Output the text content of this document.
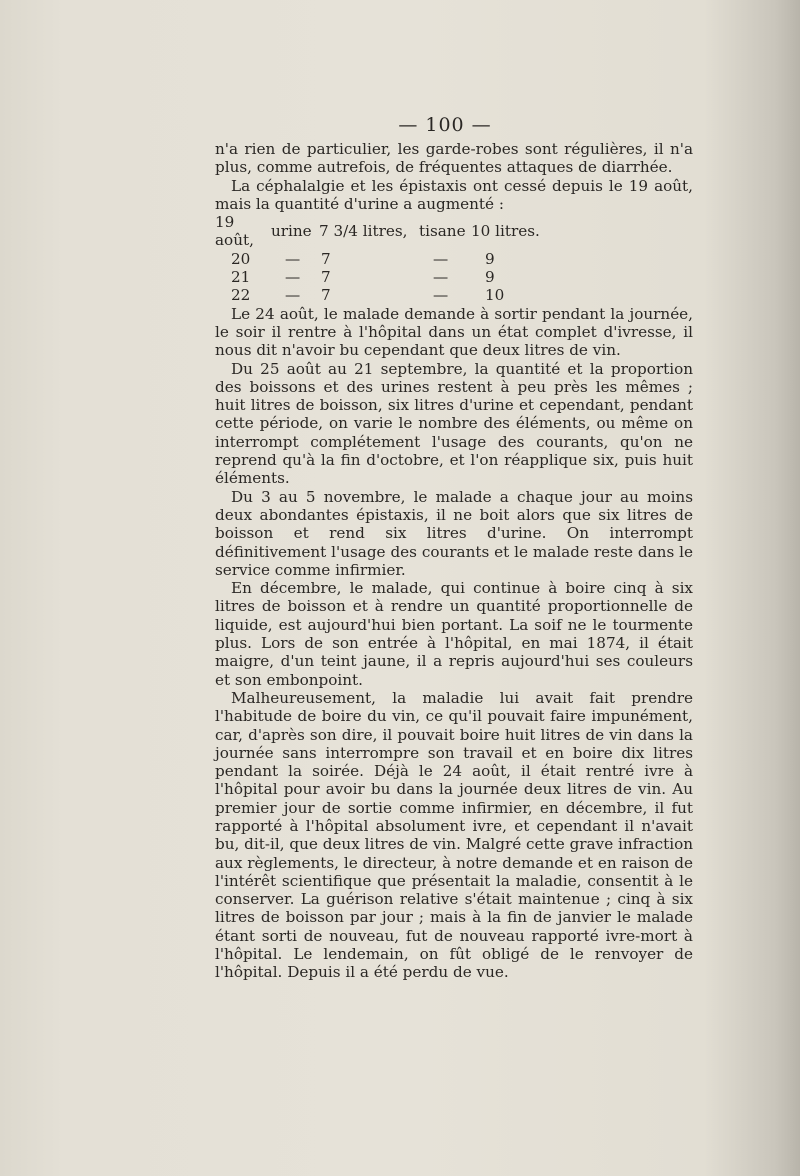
— 100 —

n'a rien de particulier, les garde-robes sont régulières, il n'a plus, comme autrefois, de fréquentes attaques de diarrhée.

La céphalalgie et les épistaxis ont cessé depuis le 19 août, mais la quantité d'urine a augmenté :

19 août,	urine	7 3/4 litres,	tisane	10 litres.
20	—	7	—	9
21	—	7	—	9
22	—	7	—	10

Le 24 août, le malade demande à sortir pendant la journée, le soir il rentre à l'hôpital dans un état complet d'ivresse, il nous dit n'avoir bu cependant que deux litres de vin.

Du 25 août au 21 septembre, la quantité et la proportion des boissons et des urines restent à peu près les mêmes ; huit litres de boisson, six litres d'urine et cependant, pendant cette période, on varie le nombre des éléments, ou même on interrompt complétement l'usage des courants, qu'on ne reprend qu'à la fin d'octobre, et l'on réapplique six, puis huit éléments.

Du 3 au 5 novembre, le malade a chaque jour au moins deux abondantes épistaxis, il ne boit alors que six litres de boisson et rend six litres d'urine. On interrompt définitivement l'usage des courants et le malade reste dans le service comme infirmier.

En décembre, le malade, qui continue à boire cinq à six litres de boisson et à rendre un quantité proportionnelle de liquide, est aujourd'hui bien portant. La soif ne le tourmente plus. Lors de son entrée à l'hôpital, en mai 1874, il était maigre, d'un teint jaune, il a repris aujourd'hui ses couleurs et son embonpoint.

Malheureusement, la maladie lui avait fait prendre l'habitude de boire du vin, ce qu'il pouvait faire impunément, car, d'après son dire, il pouvait boire huit litres de vin dans la journée sans interrompre son travail et en boire dix litres pendant la soirée. Déjà le 24 août, il était rentré ivre à l'hôpital pour avoir bu dans la journée deux litres de vin. Au premier jour de sortie comme infirmier, en décembre, il fut rapporté à l'hôpital absolument ivre, et cependant il n'avait bu, dit-il, que deux litres de vin. Malgré cette grave infraction aux règlements, le directeur, à notre demande et en raison de l'intérêt scientifique que présentait la maladie, consentit à le conserver. La guérison relative s'était maintenue ; cinq à six litres de boisson par jour ; mais à la fin de janvier le malade étant sorti de nouveau, fut de nouveau rapporté ivre-mort à l'hôpital. Le lendemain, on fût obligé de le renvoyer de l'hôpital. Depuis il a été perdu de vue.
